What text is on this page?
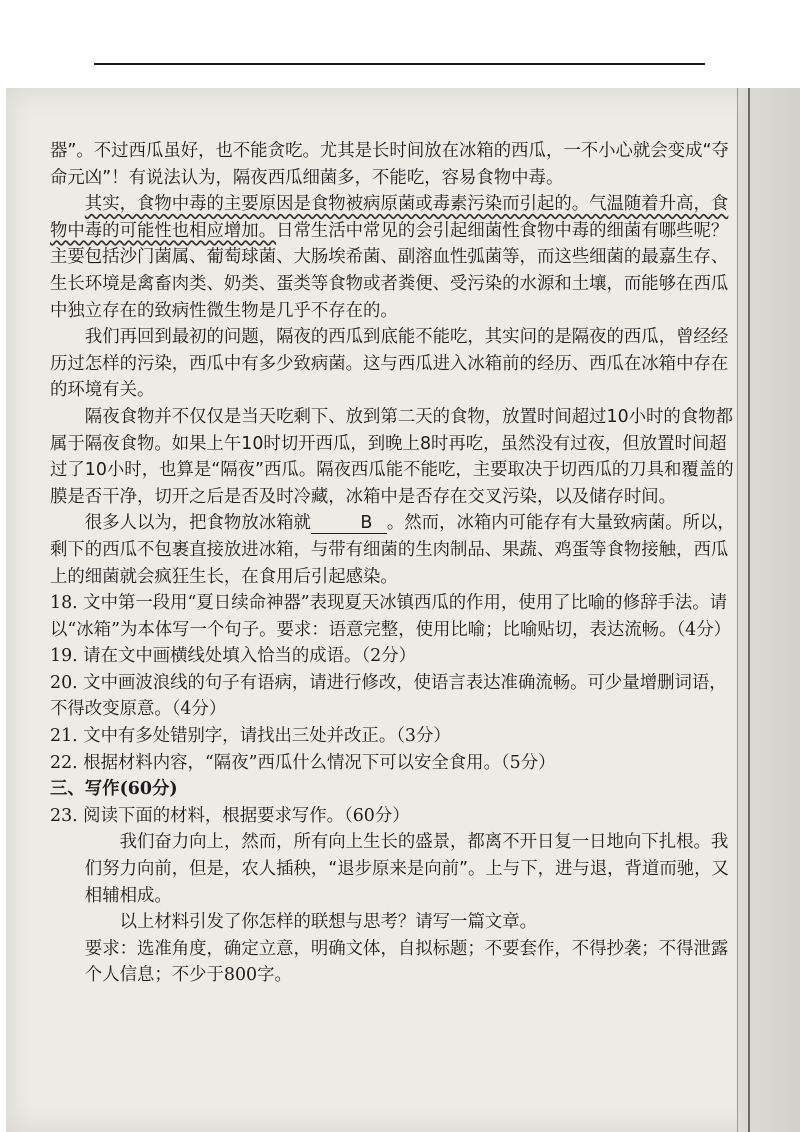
器”。不过西瓜虽好，也不能贪吃。尤其是长时间放在冰箱的西瓜，一不小心就会变成“夺命元凶”！有说法认为，隔夜西瓜细菌多，不能吃，容易食物中毒。

其实，食物中毒的主要原因是食物被病原菌或毒素污染而引起的。气温随着升高，食物中毒的可能性也相应增加。日常生活中常见的会引起细菌性食物中毒的细菌有哪些呢？主要包括沙门菌属、葡萄球菌、大肠埃希菌、副溶血性弧菌等，而这些细菌的最嘉生存、生长环境是禽畜肉类、奶类、蛋类等食物或者粪便、受污染的水源和土壤，而能够在西瓜中独立存在的致病性微生物是几乎不存在的。

我们再回到最初的问题，隔夜的西瓜到底能不能吃，其实问的是隔夜的西瓜，曾经经历过怎样的污染，西瓜中有多少致病菌。这与西瓜进入冰箱前的经历、西瓜在冰箱中存在的环境有关。

隔夜食物并不仅仅是当天吃剩下、放到第二天的食物，放置时间超过10小时的食物都属于隔夜食物。如果上午10时切开西瓜，到晚上8时再吃，虽然没有过夜，但放置时间超过了10小时，也算是“隔夜”西瓜。隔夜西瓜能不能吃，主要取决于切西瓜的刀具和覆盖的膜是否干净，切开之后是否及时冷藏，冰箱中是否存在交叉污染，以及储存时间。

很多人以为，把食物放冰箱就	B 。然而，冰箱内可能存有大量致病菌。所以，剩下的西瓜不包裹直接放进冰箱，与带有细菌的生肉制品、果蔬、鸡蛋等食物接触，西瓜上的细菌就会疯狂生长，在食用后引起感染。

18. 文中第一段用“夏日续命神器”表现夏天冰镇西瓜的作用，使用了比喻的修辞手法。请以“冰箱”为本体写一个句子。要求：语意完整，使用比喻；比喻贴切，表达流畅。（4分）

19. 请在文中画横线处填入恰当的成语。（2分）

20. 文中画波浪线的句子有语病，请进行修改，使语言表达准确流畅。可少量增删词语，不得改变原意。（4分）

21. 文中有多处错别字，请找出三处并改正。（3分）

22. 根据材料内容，“隔夜”西瓜什么情况下可以安全食用。（5分）

三、写作(60分)

23. 阅读下面的材料，根据要求写作。（60分）

我们奋力向上，然而，所有向上生长的盛景，都离不开日复一日地向下扎根。我们努力向前，但是，农人插秧，“退步原来是向前”。上与下，进与退，背道而驰，又相辅相成。

以上材料引发了你怎样的联想与思考？请写一篇文章。

要求：选准角度，确定立意，明确文体，自拟标题；不要套作，不得抄袭；不得泄露个人信息；不少于800字。
